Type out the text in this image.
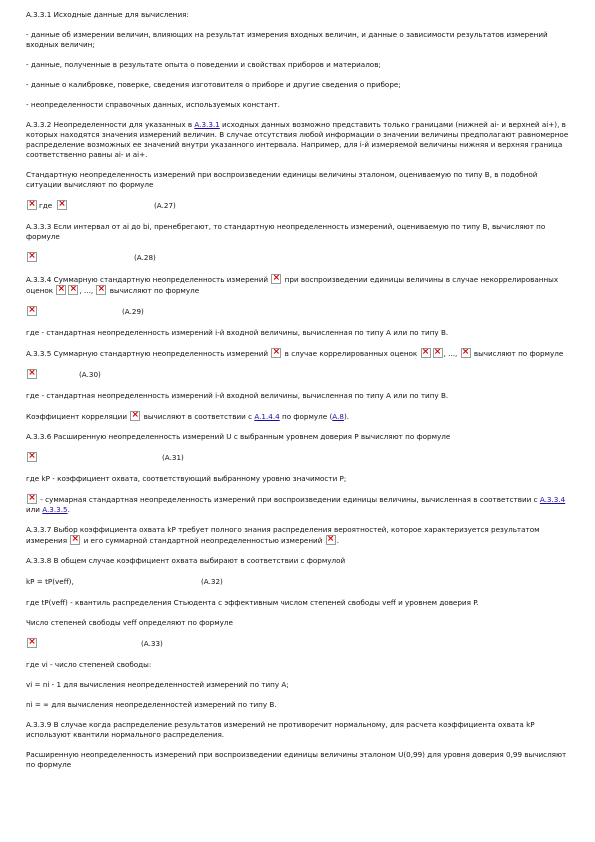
A.3.3.1 Исходные данные для вычисления:
- данные об измерении величин, влияющих на результат измерения входных величин, и данные о зависимости результатов измерений входных величин;
- данные, полученные в результате опыта о поведении и свойствах приборов и материалов;
- данные о калибровке, поверке, сведения изготовителя о приборе и другие сведения о приборе;
- неопределенности справочных данных, используемых констант.
A.3.3.2 Неопределенности для указанных в A.3.3.1 исходных данных возможно представить только границами (нижней ai- и верхней ai+), в которых находятся значения измерений величин. В случае отсутствия любой информации о значении величины предполагают равномерное распределение возможных ее значений внутри указанного интервала. Например, для i-й измеряемой величины нижняя и верхняя граница соответственно равны ai- и ai+.
Стандартную неопределенность измерений при воспроизведении единицы величины эталоном, оцениваемую по типу В, в подобной ситуации вычисляют по формуле
×
где ×	(A.27)
A.3.3.3 Если интервал от ai до bi, пренебрегают, то стандартную неопределенность измерений, оцениваемую по типу В, вычисляют по формуле
×
(A.28)
A.3.3.4 Суммарную стандартную неопределенность измерений × при воспроизведении единицы величины в случае некоррелированных оценок × ×	, ..., × вычисляют по формуле
×
(A.29)
где - стандартная неопределенность измерений i-й входной величины, вычисленная по типу А или по типу В.
A.3.3.5 Суммарную стандартную неопределенность измерений × в случае коррелированных оценок × ×	, ..., × вычисляют по формуле
×
(A.30)
где - стандартная неопределенность измерений i-й входной величины, вычисленная по типу А или по типу В.
Коэффициент корреляции × вычисляют в соответствии с A.1.4.4 по формуле (A.8).
A.3.3.6 Расширенную неопределенность измерений U с выбранным уровнем доверия P вычисляют по формуле
×
(A.31)
где kP - коэффициент охвата, соответствующий выбранному уровню значимости P;
× - суммарная стандартная неопределенность измерений при воспроизведении единицы величины, вычисленная в соответствии с A.3.3.4 или A.3.3.5.
A.3.3.7 Выбор коэффициента охвата kP требует полного знания распределения вероятностей, которое характеризуется результатом измерения × и его суммарной стандартной неопределенностью измерений ×.
A.3.3.8 В общем случае коэффициент охвата выбирают в соответствии с формулой
kP = tP(veff),	(A.32)
где tP(veff) - квантиль распределения Стьюдента с эффективным числом степеней свободы veff и уровнем доверия P.
Число степеней свободы veff определяют по формуле
×
(A.33)
где vi - число степеней свободы:
vi = ni - 1 для вычисления неопределенностей измерений по типу А;
ni = ∞ для вычисления неопределенностей измерений по типу В.
A.3.3.9 В случае когда распределение результатов измерений не противоречит нормальному, для расчета коэффициента охвата kP используют квантили нормального распределения.
Расширенную неопределенность измерений при воспроизведении единицы величины эталоном U(0,99) для уровня доверия 0,99 вычисляют по формуле
